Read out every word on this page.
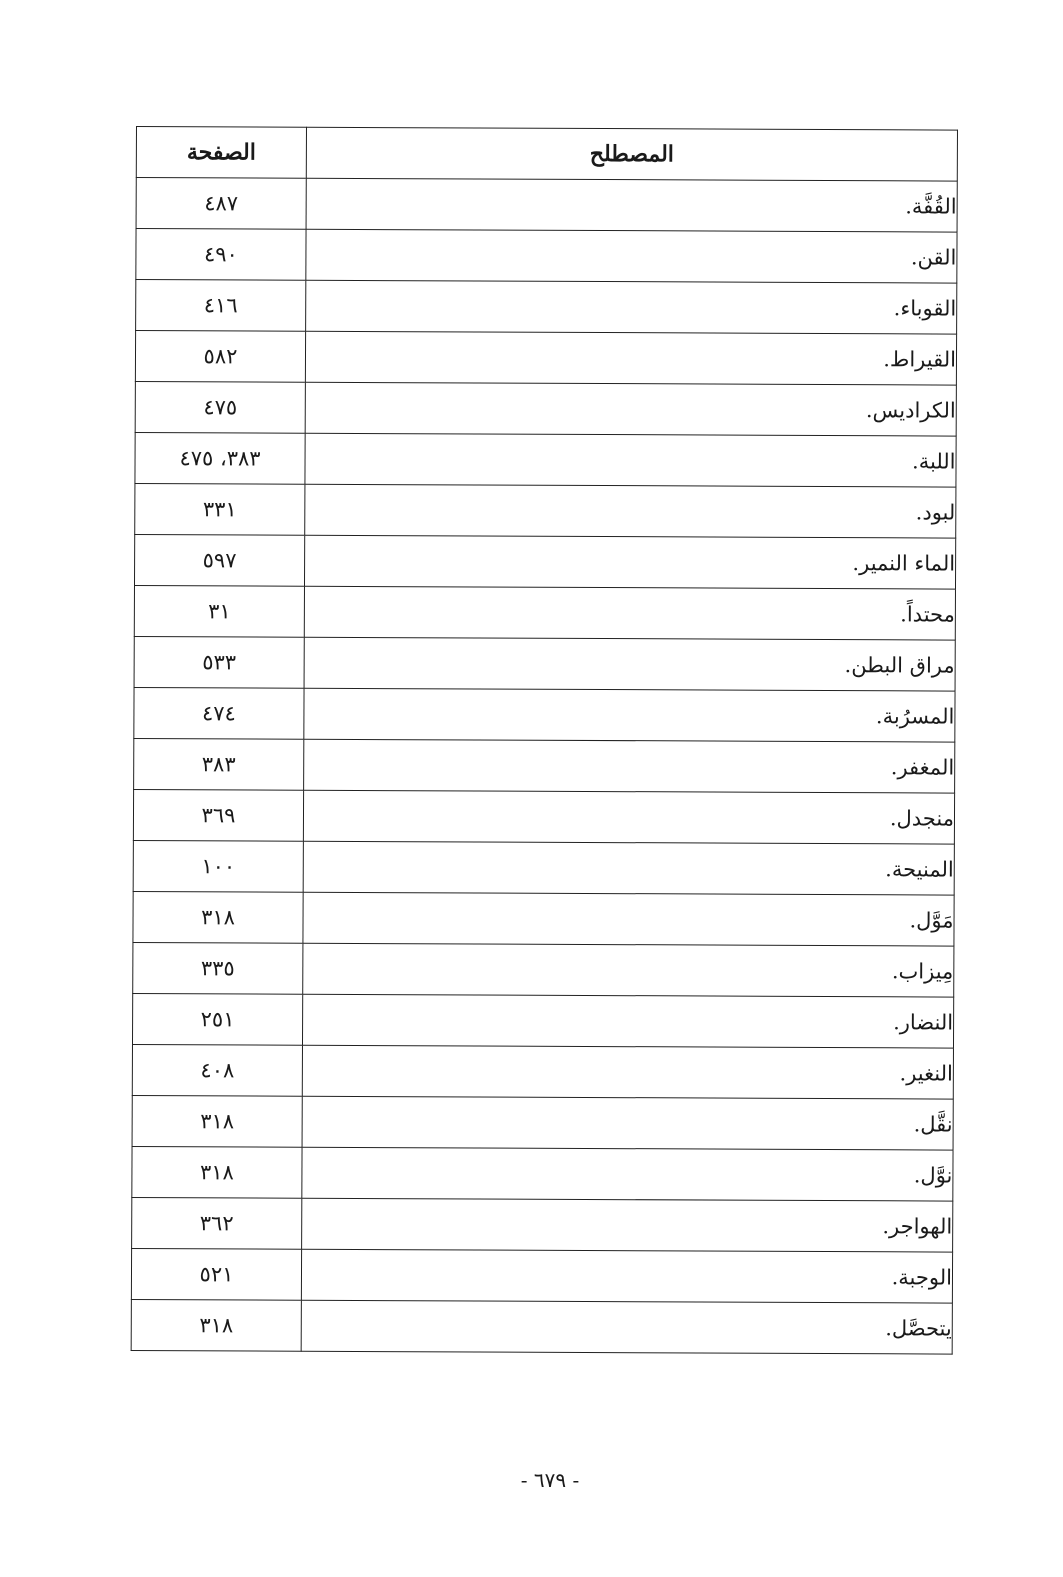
المصطلح	الصفحة
القُفَّة.	٤٨٧
القن.	٤٩٠
القوباء.	٤١٦
القيراط.	٥٨٢
الكراديس.	٤٧٥
اللبة.	٣٨٣، ٤٧٥
لبود.	٣٣١
الماء النمير.	٥٩٧
محتداً.	٣١
مراق البطن.	٥٣٣
المسرُبة.	٤٧٤
المغفر.	٣٨٣
منجدل.	٣٦٩
المنيحة.	١٠٠
مَوَّل.	٣١٨
مِيزاب.	٣٣٥
النضار.	٢٥١
النغير.	٤٠٨
نقَّل.	٣١٨
نوَّل.	٣١٨
الهواجر.	٣٦٢
الوجبة.	٥٢١
يتحصَّل.	٣١٨
- ٦٧٩ -
